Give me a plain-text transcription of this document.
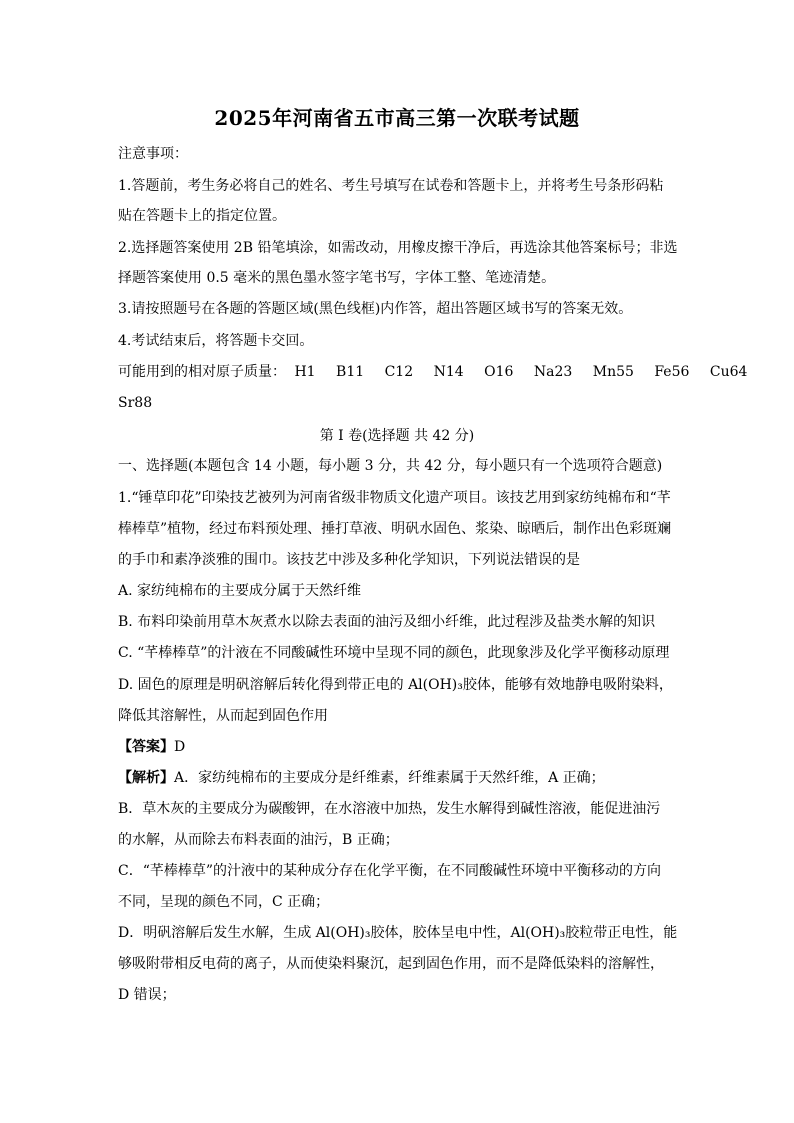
2025年河南省五市高三第一次联考试题
注意事项：
1.答题前，考生务必将自己的姓名、考生号填写在试卷和答题卡上，并将考生号条形码粘
贴在答题卡上的指定位置。
2.选择题答案使用 2B 铅笔填涂，如需改动，用橡皮擦干净后，再选涂其他答案标号；非选
择题答案使用 0.5 毫米的黑色墨水签字笔书写，字体工整、笔迹清楚。
3.请按照题号在各题的答题区域(黑色线框)内作答，超出答题区域书写的答案无效。
4.考试结束后，将答题卡交回。
可能用到的相对原子质量： H1 B11 C12 N14 O16 Na23 Mn55 Fe56 Cu64
Sr88
第 I 卷(选择题 共 42 分)
一、选择题(本题包含 14 小题，每小题 3 分，共 42 分，每小题只有一个选项符合题意)
1.“锤草印花”印染技艺被列为河南省级非物质文化遗产项目。该技艺用到家纺纯棉布和“芊
棒棒草”植物，经过布料预处理、捶打草液、明矾水固色、浆染、晾晒后，制作出色彩斑斓
的手巾和素净淡雅的围巾。该技艺中涉及多种化学知识，下列说法错误的是
A. 家纺纯棉布的主要成分属于天然纤维
B. 布料印染前用草木灰煮水以除去表面的油污及细小纤维，此过程涉及盐类水解的知识
C. “芊棒棒草”的汁液在不同酸碱性环境中呈现不同的颜色，此现象涉及化学平衡移动原理
D. 固色的原理是明矾溶解后转化得到带正电的 Al(OH)₃胶体，能够有效地静电吸附染料，
降低其溶解性，从而起到固色作用
【答案】D
【解析】A．家纺纯棉布的主要成分是纤维素，纤维素属于天然纤维，A 正确；
B．草木灰的主要成分为碳酸钾，在水溶液中加热，发生水解得到碱性溶液，能促进油污
的水解，从而除去布料表面的油污，B 正确；
C．“芊棒棒草”的汁液中的某种成分存在化学平衡，在不同酸碱性环境中平衡移动的方向
不同，呈现的颜色不同，C 正确；
D．明矾溶解后发生水解，生成 Al(OH)₃胶体，胶体呈电中性，Al(OH)₃胶粒带正电性，能
够吸附带相反电荷的离子，从而使染料聚沉，起到固色作用，而不是降低染料的溶解性，
D 错误；
